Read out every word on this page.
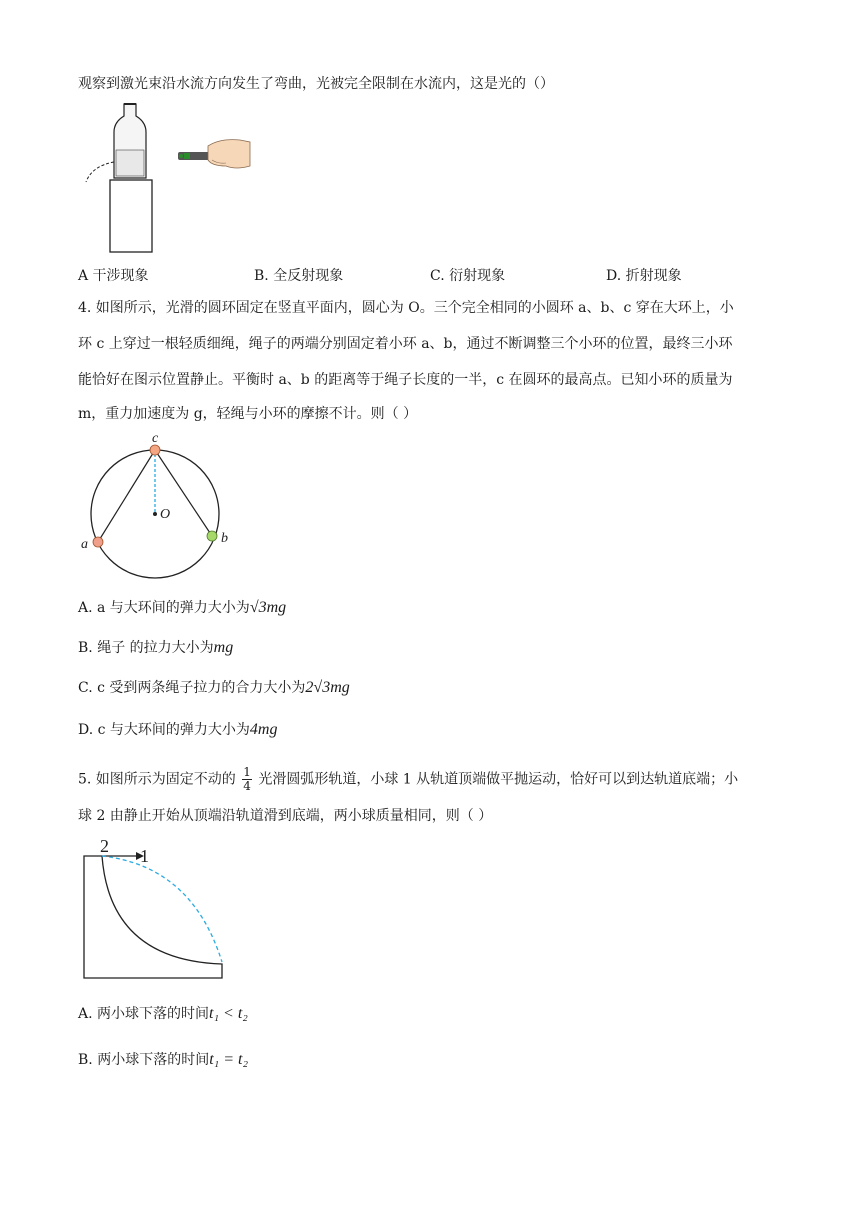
观察到激光束沿水流方向发生了弯曲，光被完全限制在水流内，这是光的（）
A 干涉现象	B. 全反射现象	C. 衍射现象	D. 折射现象
4. 如图所示，光滑的圆环固定在竖直平面内，圆心为 O。三个完全相同的小圆环 a、b、c 穿在大环上，小
环 c 上穿过一根轻质细绳，绳子的两端分别固定着小环 a、b，通过不断调整三个小环的位置，最终三小环
能恰好在图示位置静止。平衡时 a、b 的距离等于绳子长度的一半，c 在圆环的最高点。已知小环的质量为
m，重力加速度为 g，轻绳与小环的摩擦不计。则（ ）
c
O
a	b
A. a 与大环间的弹力大小为√3mg
B. 绳子 的拉力大小为mg
C. c 受到两条绳子拉力的合力大小为2√3mg
D. c 与大环间的弹力大小为4mg
5. 如图所示为固定不动的 $\frac{1}{4}$ 光滑圆弧形轨道，小球 1 从轨道顶端做平抛运动，恰好可以到达轨道底端；小
球 2 由静止开始从顶端沿轨道滑到底端，两小球质量相同，则（ ）
2 1
A. 两小球下落的时间t₁ < t₂
B. 两小球下落的时间t₁ = t₂
